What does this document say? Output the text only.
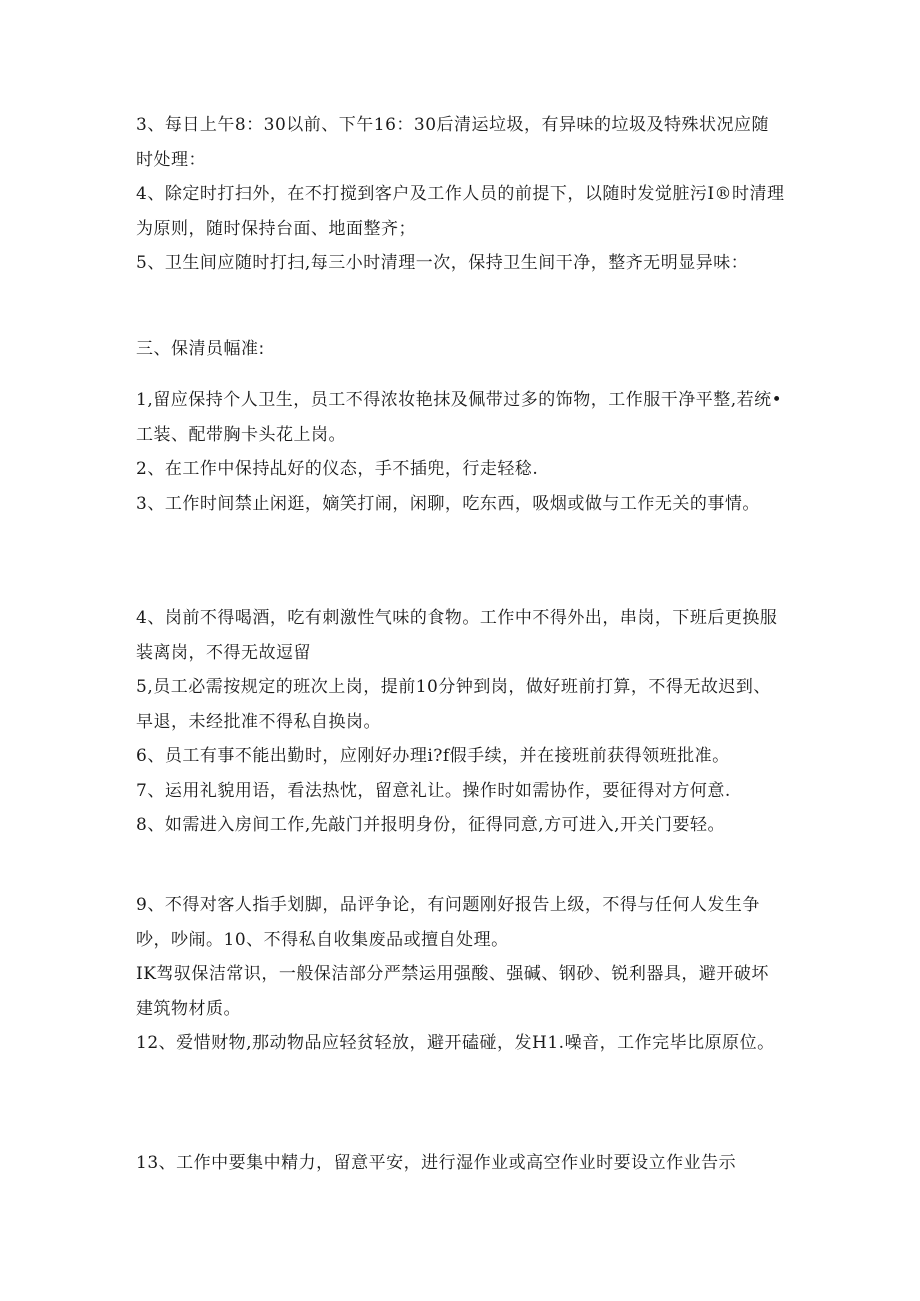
3、每日上午8：30以前、下午16：30后清运垃圾，有异味的垃圾及特殊状况应随时处理：

4、除定时打扫外，在不打搅到客户及工作人员的前提下，以随时发觉脏污I®时清理为原则，随时保持台面、地面整齐；

5、卫生间应随时打扫,每三小时清理一次，保持卫生间干净，整齐无明显异味：

三、保清员幅准:

1,留应保持个人卫生，员工不得浓妆艳抹及佩带过多的饰物，工作服干净平整,若统•工装、配带胸卡头花上岗。

2、在工作中保持乩好的仪态，手不插兜，行走轻稔.

3、工作时间禁止闲逛，嫡笑打闹，闲聊，吃东西，吸烟或做与工作无关的事情。

4、岗前不得喝酒，吃有刺激性气味的食物。工作中不得外出，串岗，下班后更换服装离岗，不得无故逗留

5,员工必需按规定的班次上岗，提前10分钟到岗，做好班前打算，不得无故迟到、早退，未经批准不得私自换岗。

6、员工有事不能出勤时，应刚好办理i?f假手续，并在接班前获得领班批准。

7、运用礼貌用语，看法热忱，留意礼让。操作时如需协作，要征得对方何意.

8、如需进入房间工作,先敲门并报明身份，征得同意,方可进入,开关门要轻。

9、不得对客人指手划脚，品评争论，有问题刚好报告上级，不得与任何人发生争吵，吵闹。10、不得私自收集废品或擅自处理。

IK驾驭保洁常识，一般保洁部分严禁运用强酸、强碱、钢砂、锐利器具，避开破坏建筑物材质。

12、爱惜财物,那动物品应轻贫轻放，避开磕碰，发H1.噪音，工作完毕比原原位。

13、工作中要集中精力，留意平安，进行湿作业或高空作业时要设立作业告示
